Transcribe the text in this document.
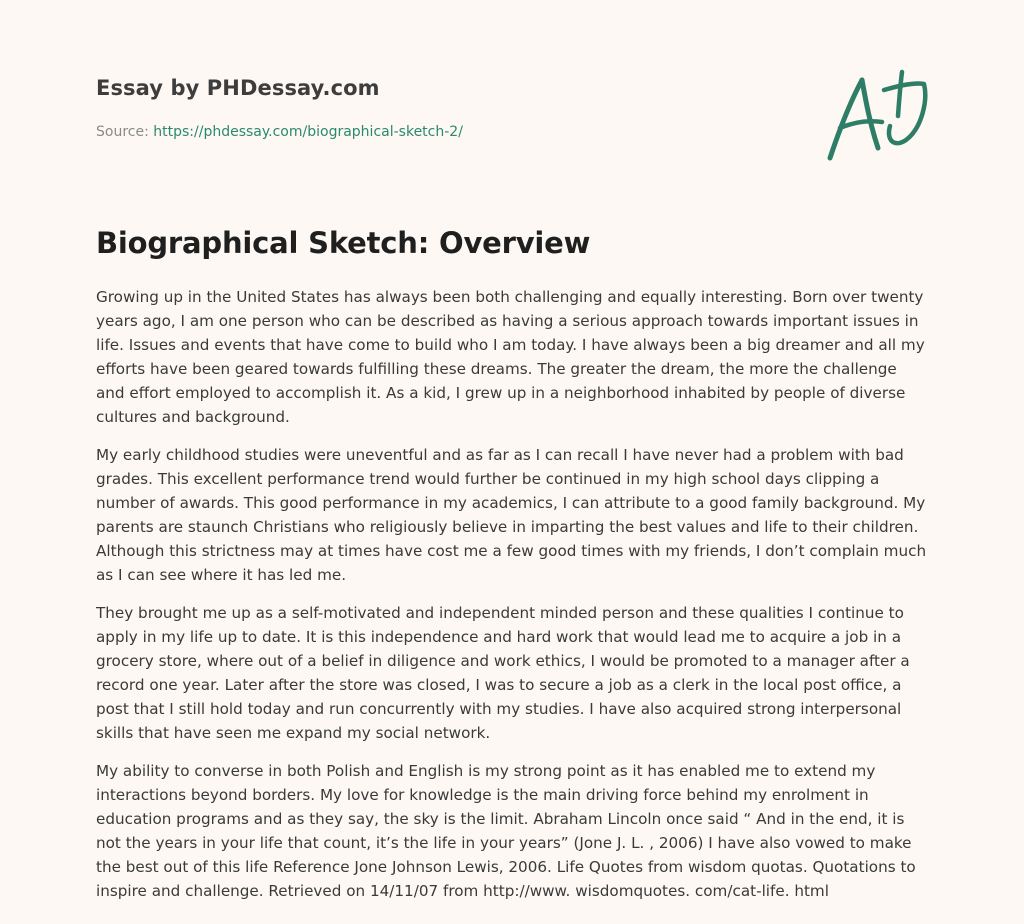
Essay by PHDessay.com
Source: https://phdessay.com/biographical-sketch-2/
Biographical Sketch: Overview

Growing up in the United States has always been both challenging and equally interesting. Born over twenty years ago, I am one person who can be described as having a serious approach towards important issues in life. Issues and events that have come to build who I am today. I have always been a big dreamer and all my efforts have been geared towards fulfilling these dreams. The greater the dream, the more the challenge and effort employed to accomplish it. As a kid, I grew up in a neighborhood inhabited by people of diverse cultures and background.

My early childhood studies were uneventful and as far as I can recall I have never had a problem with bad grades. This excellent performance trend would further be continued in my high school days clipping a number of awards. This good performance in my academics, I can attribute to a good family background. My parents are staunch Christians who religiously believe in imparting the best values and life to their children. Although this strictness may at times have cost me a few good times with my friends, I don’t complain much as I can see where it has led me.

They brought me up as a self-motivated and independent minded person and these qualities I continue to apply in my life up to date. It is this independence and hard work that would lead me to acquire a job in a grocery store, where out of a belief in diligence and work ethics, I would be promoted to a manager after a record one year. Later after the store was closed, I was to secure a job as a clerk in the local post office, a post that I still hold today and run concurrently with my studies. I have also acquired strong interpersonal skills that have seen me expand my social network.

My ability to converse in both Polish and English is my strong point as it has enabled me to extend my interactions beyond borders. My love for knowledge is the main driving force behind my enrolment in education programs and as they say, the sky is the limit. Abraham Lincoln once said “ And in the end, it is not the years in your life that count, it’s the life in your years” (Jone J. L. , 2006) I have also vowed to make the best out of this life Reference Jone Johnson Lewis, 2006. Life Quotes from wisdom quotas. Quotations to inspire and challenge. Retrieved on 14/11/07 from http://www. wisdomquotes. com/cat-life. html
